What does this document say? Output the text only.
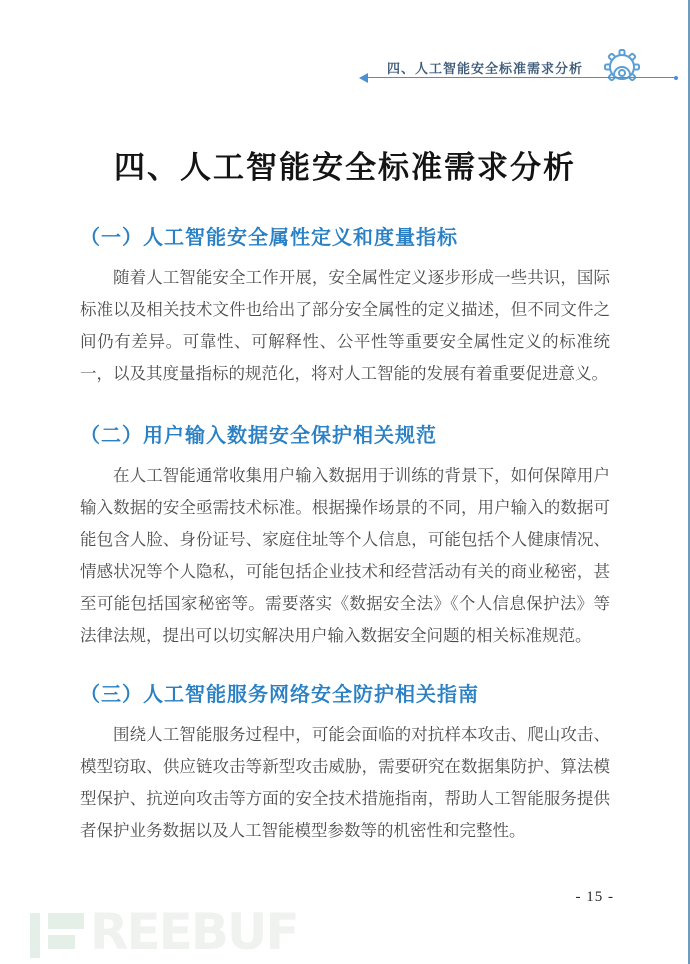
四、人工智能安全标准需求分析
四、人工智能安全标准需求分析
（一）人工智能安全属性定义和度量指标

随着人工智能安全工作开展，安全属性定义逐步形成一些共识，国际标准以及相关技术文件也给出了部分安全属性的定义描述，但不同文件之间仍有差异。可靠性、可解释性、公平性等重要安全属性定义的标准统一，以及其度量指标的规范化，将对人工智能的发展有着重要促进意义。

（二）用户输入数据安全保护相关规范

在人工智能通常收集用户输入数据用于训练的背景下，如何保障用户输入数据的安全亟需技术标准。根据操作场景的不同，用户输入的数据可能包含人脸、身份证号、家庭住址等个人信息，可能包括个人健康情况、情感状况等个人隐私，可能包括企业技术和经营活动有关的商业秘密，甚至可能包括国家秘密等。需要落实《数据安全法》《个人信息保护法》等法律法规，提出可以切实解决用户输入数据安全问题的相关标准规范。

（三）人工智能服务网络安全防护相关指南

围绕人工智能服务过程中，可能会面临的对抗样本攻击、爬山攻击、模型窃取、供应链攻击等新型攻击威胁，需要研究在数据集防护、算法模型保护、抗逆向攻击等方面的安全技术措施指南，帮助人工智能服务提供者保护业务数据以及人工智能模型参数等的机密性和完整性。

- 15 -
REEBUF
